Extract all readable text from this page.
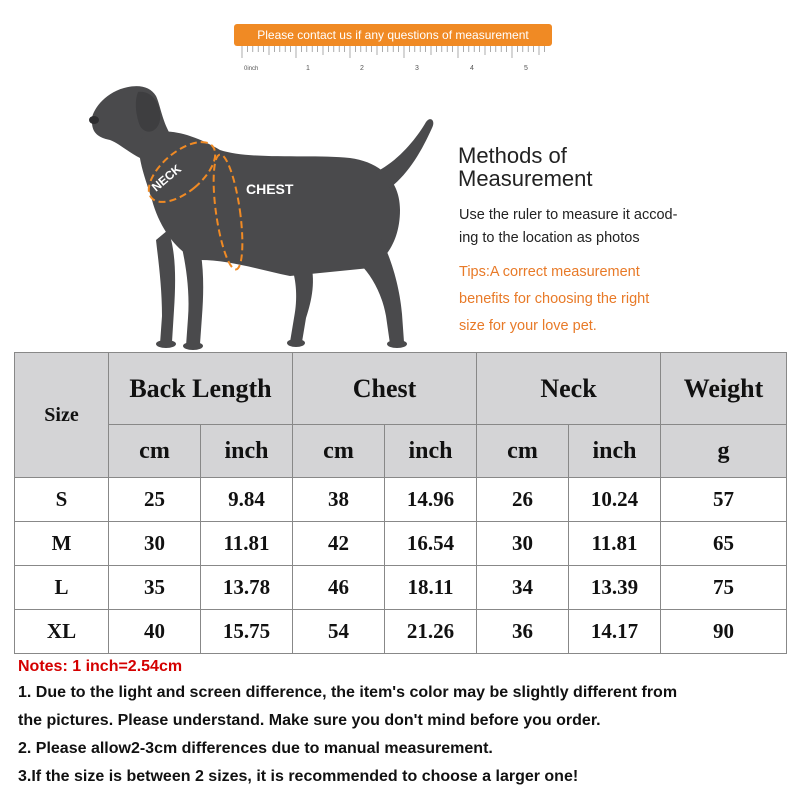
Please contact us if any questions of measurement
0inch	1	2	3	4	5
NECK	CHEST
Methods of
Measurement
Use the ruler to measure it accod-
ing to the location as photos
Tips:A correct measurement
benefits for choosing the right
size for your love pet.
Size	Back Length		Chest		Neck		Weight
	cm	inch	cm	inch	cm	inch	g
S	25	9.84	38	14.96	26	10.24	57
M	30	11.81	42	16.54	30	11.81	65
L	35	13.78	46	18.11	34	13.39	75
XL	40	15.75	54	21.26	36	14.17	90
Notes: 1 inch=2.54cm
1. Due to the light and screen difference, the item's color may be slightly different from
the pictures. Please understand. Make sure you don't mind before you order.
2. Please allow2-3cm differences due to manual measurement.
3.If the size is between 2 sizes, it is recommended to choose a larger one!
